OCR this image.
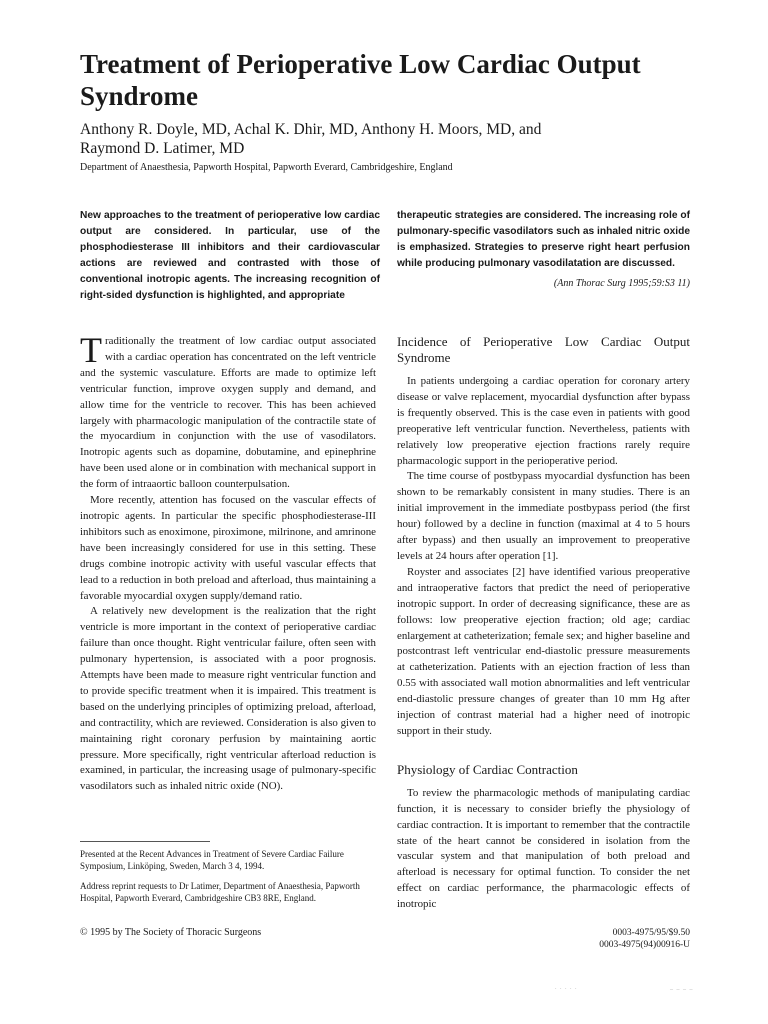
Treatment of Perioperative Low Cardiac Output Syndrome
Anthony R. Doyle, MD, Achal K. Dhir, MD, Anthony H. Moors, MD, and
Raymond D. Latimer, MD
Department of Anaesthesia, Papworth Hospital, Papworth Everard, Cambridgeshire, England
New approaches to the treatment of perioperative low cardiac output are considered. In particular, use of the phosphodiesterase III inhibitors and their cardiovascular actions are reviewed and contrasted with those of conventional inotropic agents. The increasing recognition of right-sided dysfunction is highlighted, and appropriate
therapeutic strategies are considered. The increasing role of pulmonary-specific vasodilators such as inhaled nitric oxide is emphasized. Strategies to preserve right heart perfusion while producing pulmonary vasodilatation are discussed.
(Ann Thorac Surg 1995;59:S3 11)

Traditionally the treatment of low cardiac output associated with a cardiac operation has concentrated on the left ventricle and the systemic vasculature. Efforts are made to optimize left ventricular function, improve oxygen supply and demand, and allow time for the ventricle to recover. This has been achieved largely with pharmacologic manipulation of the contractile state of the myocardium in conjunction with the use of vasodilators. Inotropic agents such as dopamine, dobutamine, and epinephrine have been used alone or in combination with mechanical support in the form of intraaortic balloon counterpulsation.

More recently, attention has focused on the vascular effects of inotropic agents. In particular the specific phosphodiesterase-III inhibitors such as enoximone, piroximone, milrinone, and amrinone have been increasingly considered for use in this setting. These drugs combine inotropic activity with useful vascular effects that lead to a reduction in both preload and afterload, thus maintaining a favorable myocardial oxygen supply/demand ratio.

A relatively new development is the realization that the right ventricle is more important in the context of perioperative cardiac failure than once thought. Right ventricular failure, often seen with pulmonary hypertension, is associated with a poor prognosis. Attempts have been made to measure right ventricular function and to provide specific treatment when it is impaired. This treatment is based on the underlying principles of optimizing preload, afterload, and contractility, which are reviewed. Consideration is also given to maintaining right coronary perfusion by maintaining aortic pressure. More specifically, right ventricular afterload reduction is examined, in particular, the increasing usage of pulmonary-specific vasodilators such as inhaled nitric oxide (NO).

Incidence of Perioperative Low Cardiac Output Syndrome

In patients undergoing a cardiac operation for coronary artery disease or valve replacement, myocardial dysfunction after bypass is frequently observed. This is the case even in patients with good preoperative left ventricular function. Nevertheless, patients with relatively low preoperative ejection fractions rarely require pharmacologic support in the perioperative period.

The time course of postbypass myocardial dysfunction has been shown to be remarkably consistent in many studies. There is an initial improvement in the immediate postbypass period (the first hour) followed by a decline in function (maximal at 4 to 5 hours after bypass) and then usually an improvement to preoperative levels at 24 hours after operation [1].

Royster and associates [2] have identified various preoperative and intraoperative factors that predict the need of perioperative inotropic support. In order of decreasing significance, these are as follows: low preoperative ejection fraction; old age; cardiac enlargement at catheterization; female sex; and higher baseline and postcontrast left ventricular end-diastolic pressure measurements at catheterization. Patients with an ejection fraction of less than 0.55 with associated wall motion abnormalities and left ventricular end-diastolic pressure changes of greater than 10 mm Hg after injection of contrast material had a higher need of inotropic support in their study.

Physiology of Cardiac Contraction

To review the pharmacologic methods of manipulating cardiac function, it is necessary to consider briefly the physiology of cardiac contraction. It is important to remember that the contractile state of the heart cannot be considered in isolation from the vascular system and that manipulation of both preload and afterload is necessary for optimal function. To consider the net effect on cardiac performance, the pharmacologic effects of inotropic

Presented at the Recent Advances in Treatment of Severe Cardiac Failure Symposium, Linköping, Sweden, March 3 4, 1994.

Address reprint requests to Dr Latimer, Department of Anaesthesia, Papworth Hospital, Papworth Everard, Cambridgeshire CB3 8RE, England.

© 1995 by The Society of Thoracic Surgeons	0003-4975/95/$9.50
0003-4975(94)00916-U
. . . . .	_ _ _ _
